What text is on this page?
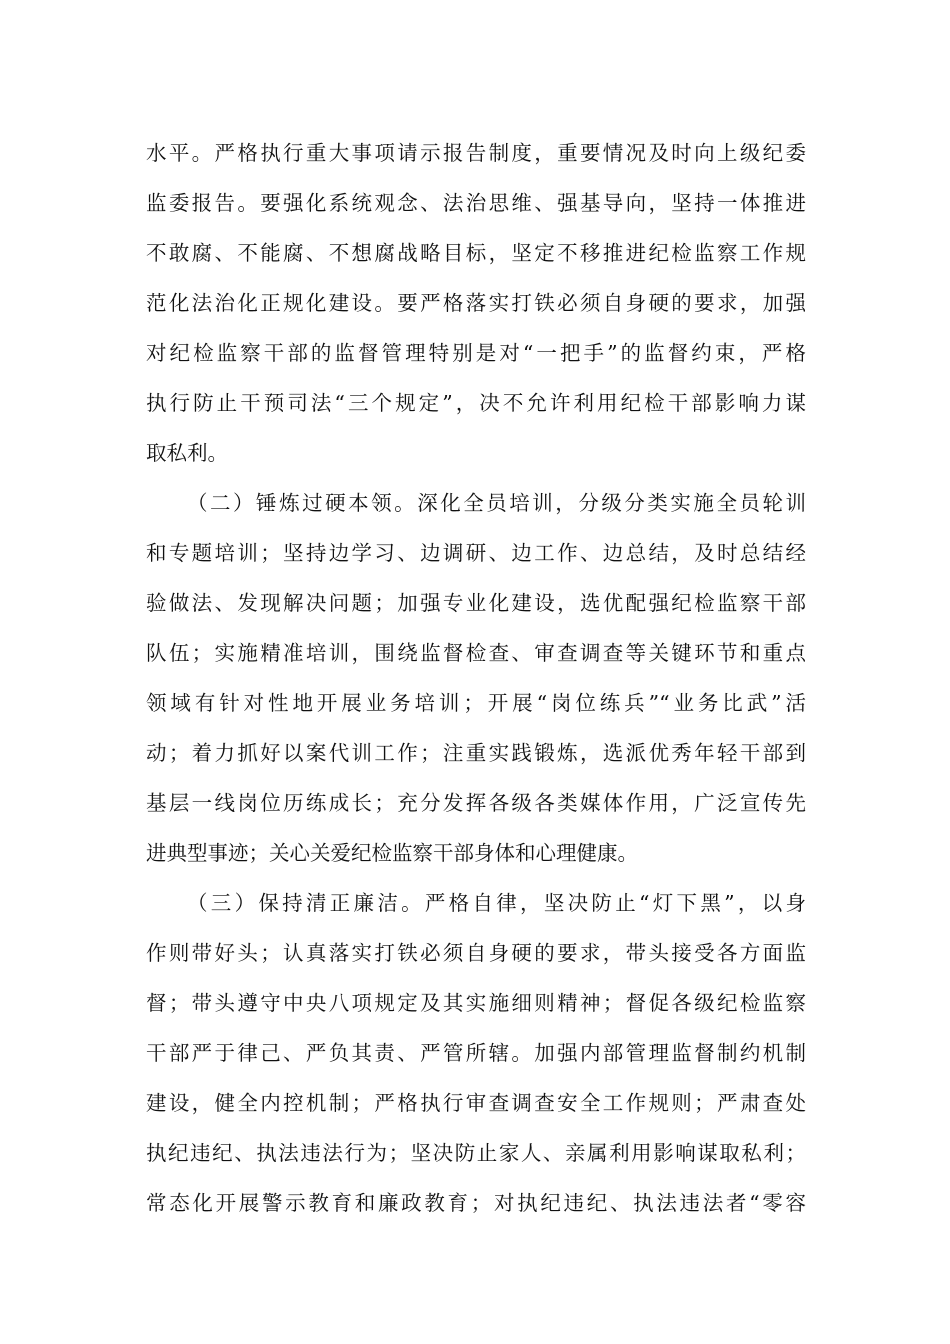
水平。严格执行重大事项请示报告制度，重要情况及时向上级纪委
监委报告。要强化系统观念、法治思维、强基导向，坚持一体推进
不敢腐、不能腐、不想腐战略目标，坚定不移推进纪检监察工作规
范化法治化正规化建设。要严格落实打铁必须自身硬的要求，加强
对纪检监察干部的监督管理特别是对“一把手”的监督约束，严格
执行防止干预司法“三个规定”，决不允许利用纪检干部影响力谋
取私利。
（二）锤炼过硬本领。深化全员培训，分级分类实施全员轮训
和专题培训；坚持边学习、边调研、边工作、边总结，及时总结经
验做法、发现解决问题；加强专业化建设，选优配强纪检监察干部
队伍；实施精准培训，围绕监督检查、审查调查等关键环节和重点
领域有针对性地开展业务培训；开展“岗位练兵”“业务比武”活
动；着力抓好以案代训工作；注重实践锻炼，选派优秀年轻干部到
基层一线岗位历练成长；充分发挥各级各类媒体作用，广泛宣传先
进典型事迹；关心关爱纪检监察干部身体和心理健康。
（三）保持清正廉洁。严格自律，坚决防止“灯下黑”，以身
作则带好头；认真落实打铁必须自身硬的要求，带头接受各方面监
督；带头遵守中央八项规定及其实施细则精神；督促各级纪检监察
干部严于律己、严负其责、严管所辖。加强内部管理监督制约机制
建设，健全内控机制；严格执行审查调查安全工作规则；严肃查处
执纪违纪、执法违法行为；坚决防止家人、亲属利用影响谋取私利；
常态化开展警示教育和廉政教育；对执纪违纪、执法违法者“零容
